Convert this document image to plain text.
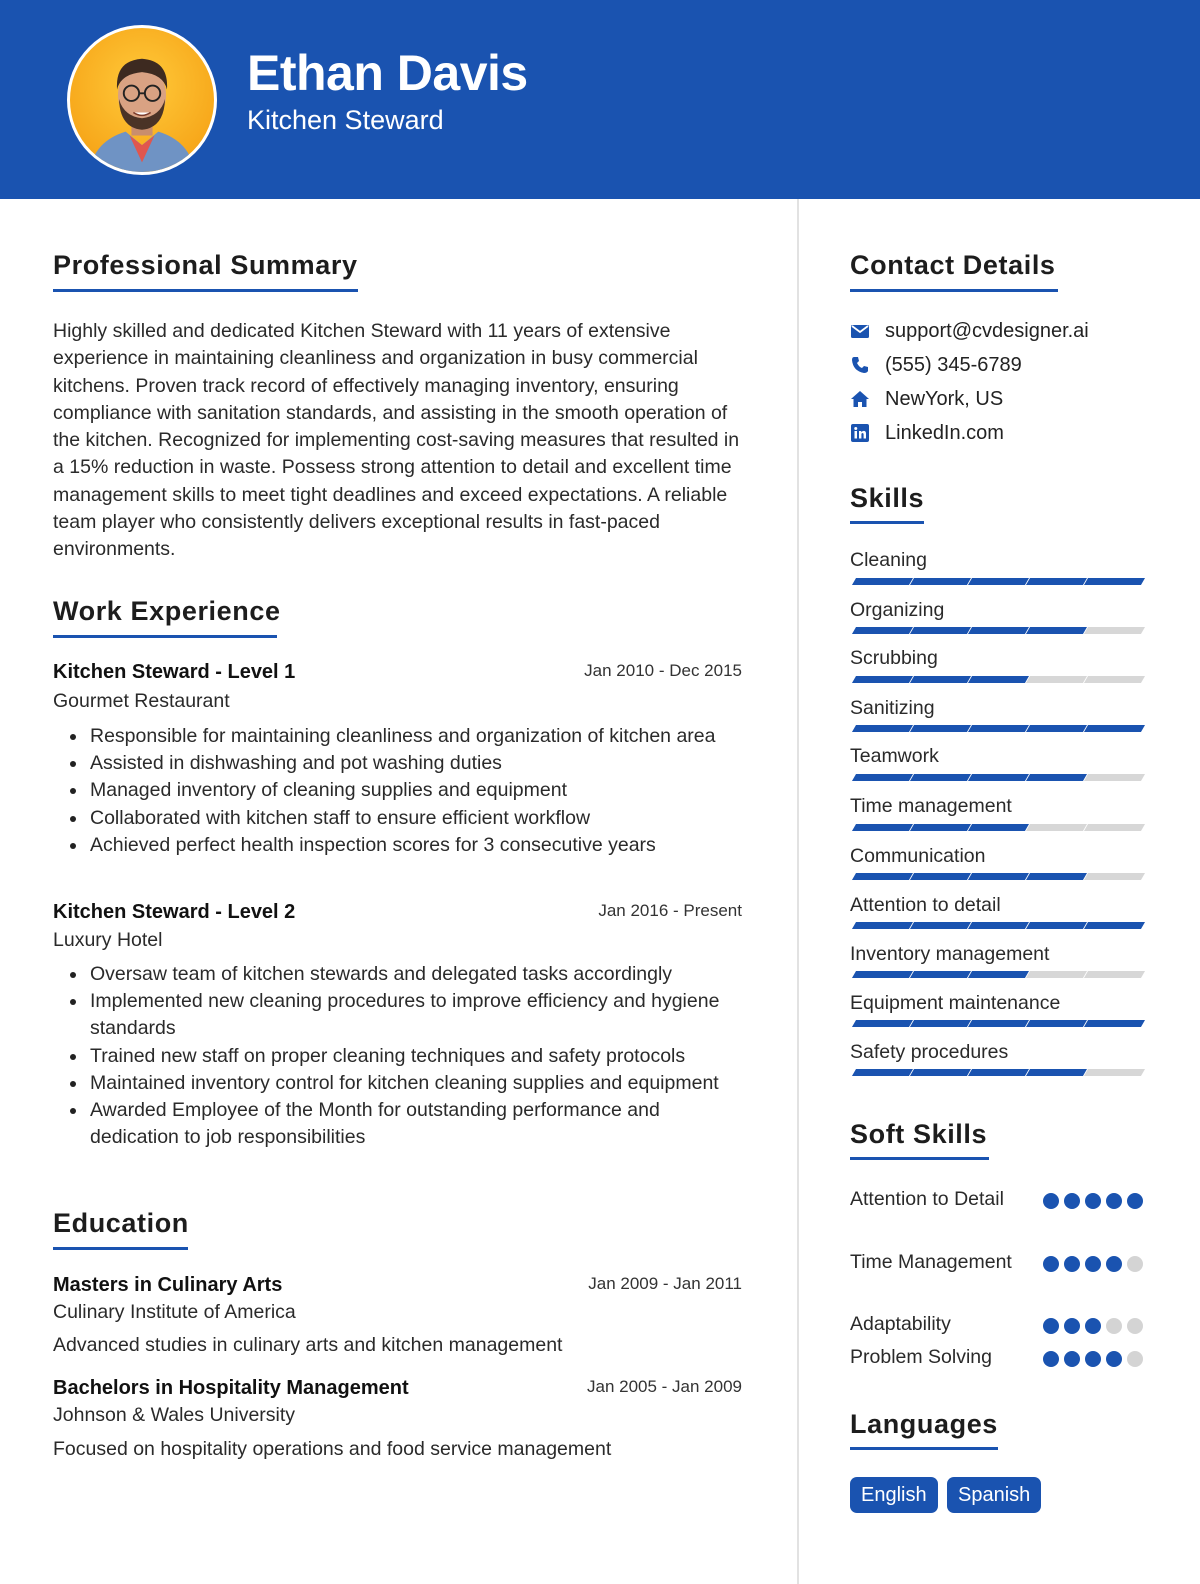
Ethan Davis
Kitchen Steward
Professional Summary
Highly skilled and dedicated Kitchen Steward with 11 years of extensive experience in maintaining cleanliness and organization in busy commercial kitchens. Proven track record of effectively managing inventory, ensuring compliance with sanitation standards, and assisting in the smooth operation of the kitchen. Recognized for implementing cost-saving measures that resulted in a 15% reduction in waste. Possess strong attention to detail and excellent time management skills to meet tight deadlines and exceed expectations. A reliable team player who consistently delivers exceptional results in fast-paced environments.
Work Experience
Kitchen Steward - Level 1	Jan 2010 - Dec 2015
Gourmet Restaurant
Responsible for maintaining cleanliness and organization of kitchen area
Assisted in dishwashing and pot washing duties
Managed inventory of cleaning supplies and equipment
Collaborated with kitchen staff to ensure efficient workflow
Achieved perfect health inspection scores for 3 consecutive years
Kitchen Steward - Level 2	Jan 2016 - Present
Luxury Hotel
Oversaw team of kitchen stewards and delegated tasks accordingly
Implemented new cleaning procedures to improve efficiency and hygiene standards
Trained new staff on proper cleaning techniques and safety protocols
Maintained inventory control for kitchen cleaning supplies and equipment
Awarded Employee of the Month for outstanding performance and dedication to job responsibilities
Education
Masters in Culinary Arts	Jan 2009 - Jan 2011
Culinary Institute of America
Advanced studies in culinary arts and kitchen management
Bachelors in Hospitality Management	Jan 2005 - Jan 2009
Johnson & Wales University
Focused on hospitality operations and food service management
Contact Details
support@cvdesigner.ai
(555) 345-6789
NewYork, US
LinkedIn.com
Skills
Cleaning
Organizing
Scrubbing
Sanitizing
Teamwork
Time management
Communication
Attention to detail
Inventory management
Equipment maintenance
Safety procedures
Soft Skills
Attention to Detail
Time Management
Adaptability
Problem Solving
Languages
English	Spanish
